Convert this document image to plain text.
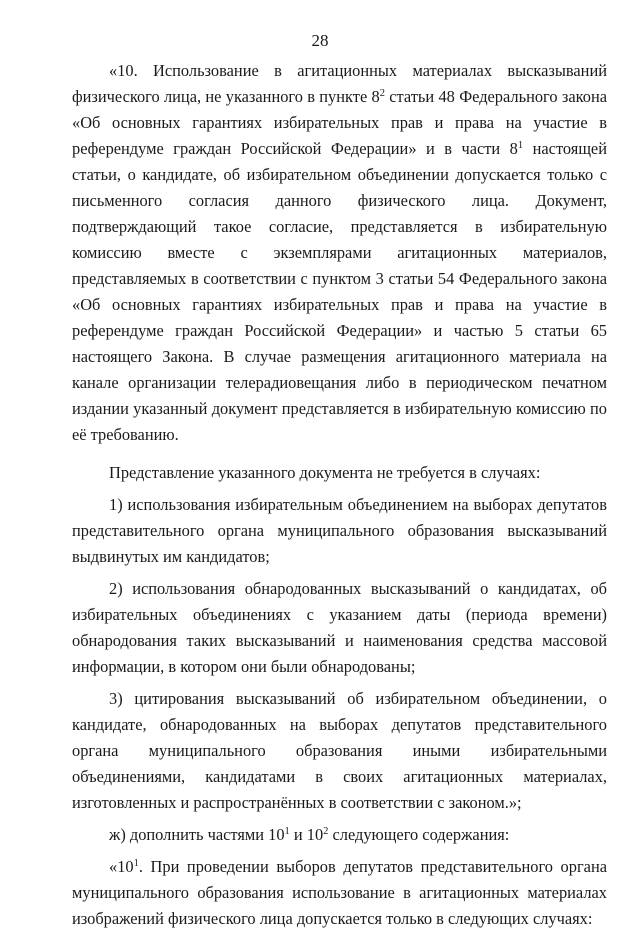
28

«10. Использование в агитационных материалах высказываний физического лица, не указанного в пункте $8^2$ статьи 48 Федерального закона «Об основных гарантиях избирательных прав и права на участие в референдуме граждан Российской Федерации» и в части $8^1$ настоящей статьи, о кандидате, об избирательном объединении допускается только с письменного согласия данного физического лица. Документ, подтверждающий такое согласие, представляется в избирательную комиссию вместе с экземплярами агитационных материалов, представляемых в соответствии с пунктом 3 статьи 54 Федерального закона «Об основных гарантиях избирательных прав и права на участие в референдуме граждан Российской Федерации» и частью 5 статьи 65 настоящего Закона. В случае размещения агитационного материала на канале организации телерадиовещания либо в периодическом печатном издании указанный документ представляется в избирательную комиссию по её требованию.

Представление указанного документа не требуется в случаях:

1) использования избирательным объединением на выборах депутатов представительного органа муниципального образования высказываний выдвинутых им кандидатов;

2) использования обнародованных высказываний о кандидатах, об избирательных объединениях с указанием даты (периода времени) обнародования таких высказываний и наименования средства массовой информации, в котором они были обнародованы;

3) цитирования высказываний об избирательном объединении, о кандидате, обнародованных на выборах депутатов представительного органа муниципального образования иными избирательными объединениями, кандидатами в своих агитационных материалах, изготовленных и распространённых в соответствии с законом.»;

ж) дополнить частями $10^1$ и $10^2$ следующего содержания:

«$10^1$. При проведении выборов депутатов представительного органа муниципального образования использование в агитационных материалах изображений физического лица допускается только в следующих случаях:
